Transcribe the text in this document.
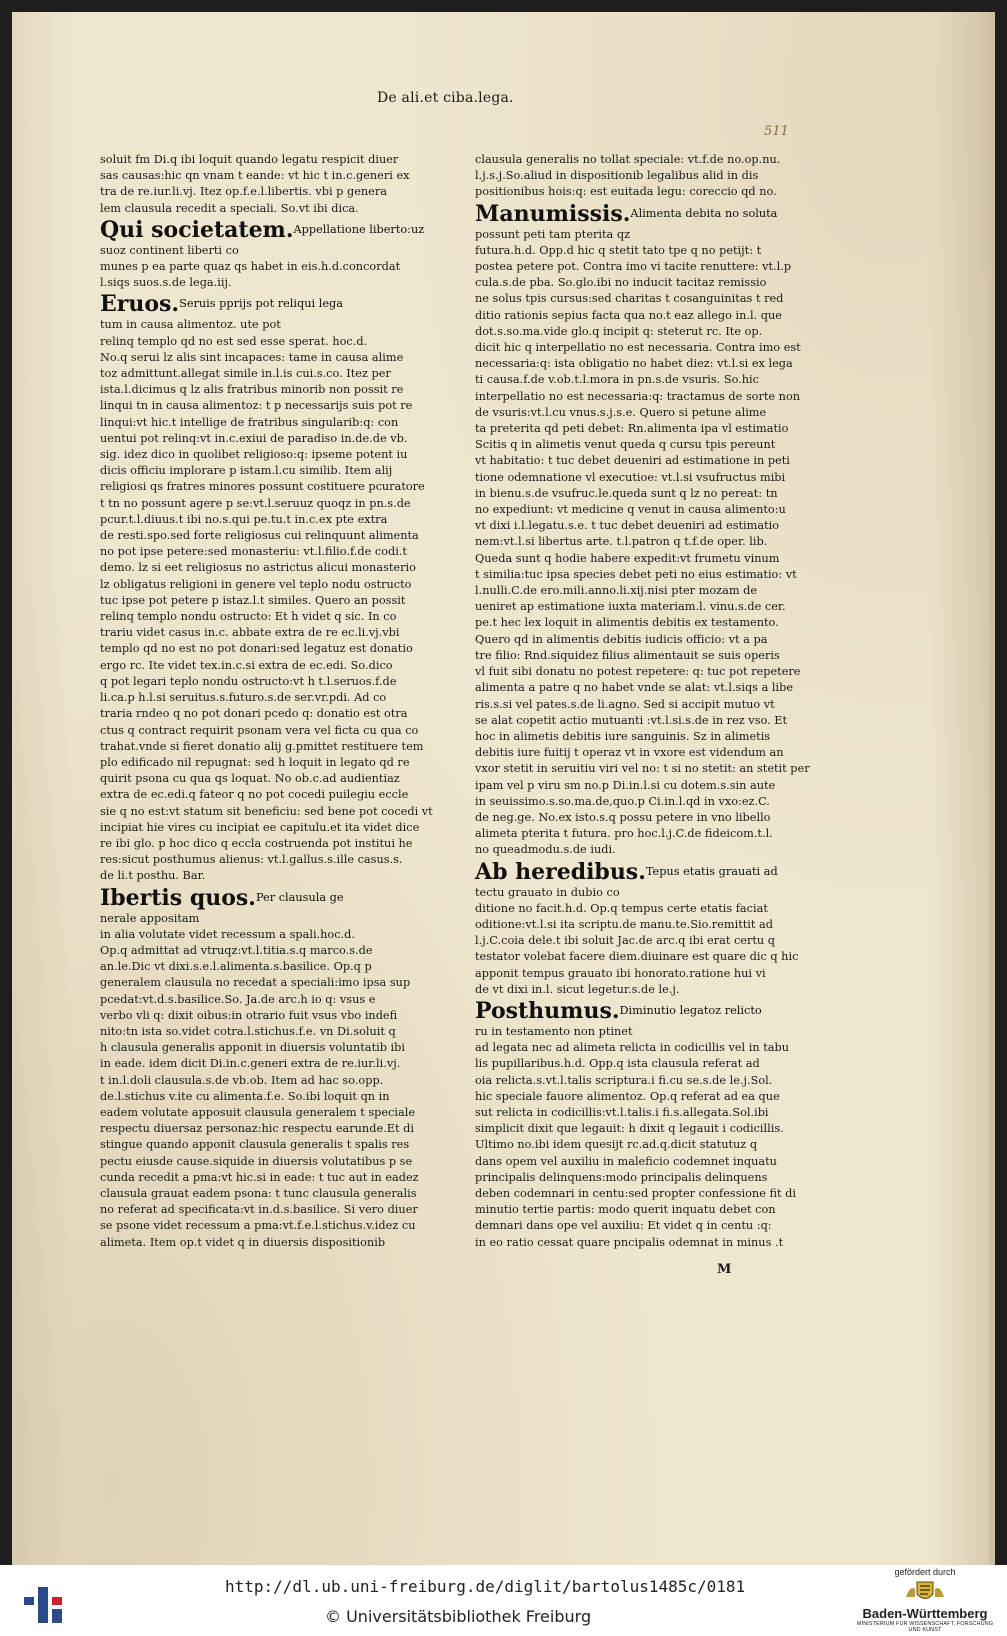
De ali.et ciba.lega.
511
soluit fm Di.q ibi loquit quando legatu respicit diuer
sas causas:hic qn vnam t eande: vt hic t in.c.generi ex
tra de re.iur.li.vj. Itez op.f.e.l.libertis. vbi p genera
lem clausula recedit a speciali. So.vt ibi dica.
Qui societatem.$^{Appellatione liberto:uz}$
suoz continent liberti co
munes p ea parte quaz qs habet in eis.h.d.concordat
l.siqs suos.s.de lega.iij.
Eruos.$^{Seruis pprijs pot reliqui lega}$
tum in causa alimentoz. ute pot
relinq templo qd no est sed esse sperat. hoc.d.
No.q serui lz alis sint incapaces: tame in causa alime
toz admittunt.allegat simile in.l.is cui.s.co. Itez per
ista.l.dicimus q lz alis fratribus minorib non possit re
linqui tn in causa alimentoz: t p necessarijs suis pot re
linqui:vt hic.t intellige de fratribus singularib:q: con
uentui pot relinq:vt in.c.exiui de paradiso in.de.de vb.
sig. idez dico in quolibet religioso:q: ipseme potent iu
dicis officiu implorare p istam.l.cu similib. Item alij
religiosi qs fratres minores possunt costituere pcuratore
t tn no possunt agere p se:vt.l.seruuz quoqz in pn.s.de
pcur.t.l.diuus.t ibi no.s.qui pe.tu.t in.c.ex pte extra
de resti.spo.sed forte religiosus cui relinquunt alimenta
no pot ipse petere:sed monasteriu: vt.l.filio.f.de codi.t
demo. lz si eet religiosus no astrictus alicui monasterio
lz obligatus religioni in genere vel teplo nodu ostructo
tuc ipse pot petere p istaz.l.t similes. Quero an possit
relinq templo nondu ostructo: Et h videt q sic. In co
trariu videt casus in.c. abbate extra de re ec.li.vj.vbi
templo qd no est no pot donari:sed legatuz est donatio
ergo rc. Ite videt tex.in.c.si extra de ec.edi. So.dico
q pot legari teplo nondu ostructo:vt h t.l.seruos.f.de
li.ca.p h.l.si seruitus.s.futuro.s.de ser.vr.pdi. Ad co
traria rndeo q no pot donari pcedo q: donatio est otra
ctus q contract requirit psonam vera vel ficta cu qua co
trahat.vnde si fieret donatio alij g.pmittet restituere tem
plo edificado nil repugnat: sed h loquit in legato qd re
quirit psona cu qua qs loquat. No ob.c.ad audientiaz
extra de ec.edi.q fateor q no pot cocedi puilegiu eccle
sie q no est:vt statum sit beneficiu: sed bene pot cocedi vt
incipiat hie vires cu incipiat ee capitulu.et ita videt dice
re ibi glo. p hoc dico q eccla costruenda pot institui he
res:sicut posthumus alienus: vt.l.gallus.s.ille casus.s.
de li.t posthu. Bar.
Ibertis quos.$^{Per clausula ge}$
nerale appositam
in alia volutate videt recessum a spali.hoc.d.
Op.q admittat ad vtruqz:vt.l.titia.s.q marco.s.de
an.le.Dic vt dixi.s.e.l.alimenta.s.basilice. Op.q p
generalem clausula no recedat a speciali:imo ipsa sup
pcedat:vt.d.s.basilice.So. Ja.de arc.h io q: vsus e
verbo vli q: dixit oibus:in otrario fuit vsus vbo indefi
nito:tn ista so.videt cotra.l.stichus.f.e. vn Di.soluit q
h clausula generalis apponit in diuersis voluntatib ibi
in eade. idem dicit Di.in.c.generi extra de re.iur.li.vj.
t in.l.doli clausula.s.de vb.ob. Item ad hac so.opp.
de.l.stichus v.ite cu alimenta.f.e. So.ibi loquit qn in
eadem volutate apposuit clausula generalem t speciale
respectu diuersaz personaz:hic respectu earunde.Et di
stingue quando apponit clausula generalis t spalis res
pectu eiusde cause.siquide in diuersis volutatibus p se
cunda recedit a pma:vt hic.si in eade: t tuc aut in eadez
clausula grauat eadem psona: t tunc clausula generalis
no referat ad specificata:vt in.d.s.basilice. Si vero diuer
se psone videt recessum a pma:vt.f.e.l.stichus.v.idez cu
alimeta. Item op.t videt q in diuersis dispositionib
clausula generalis no tollat speciale: vt.f.de no.op.nu.
l.j.s.j.So.aliud in dispositionib legalibus alid in dis
positionibus hois:q: est euitada legu: coreccio qd no.
Manumissis.$^{Alimenta debita no soluta}$
possunt peti tam pterita qz
futura.h.d. Opp.d hic q stetit tato tpe q no petijt: t
postea petere pot. Contra imo vi tacite renuttere: vt.l.p
cula.s.de pba. So.glo.ibi no inducit tacitaz remissio
ne solus tpis cursus:sed charitas t cosanguinitas t red
ditio rationis sepius facta qua no.t eaz allego in.l. que
dot.s.so.ma.vide glo.q incipit q: steterut rc. Ite op.
dicit hic q interpellatio no est necessaria. Contra imo est
necessaria:q: ista obligatio no habet diez: vt.l.si ex lega
ti causa.f.de v.ob.t.l.mora in pn.s.de vsuris. So.hic
interpellatio no est necessaria:q: tractamus de sorte non
de vsuris:vt.l.cu vnus.s.j.s.e. Quero si petune alime
ta preterita qd peti debet: Rn.alimenta ipa vl estimatio
Scitis q in alimetis venut queda q cursu tpis pereunt
vt habitatio: t tuc debet deueniri ad estimatione in peti
tione odemnatione vl executioe: vt.l.si vsufructus mibi
in bienu.s.de vsufruc.le.queda sunt q lz no pereat: tn
no expediunt: vt medicine q venut in causa alimento:u
vt dixi i.l.legatu.s.e. t tuc debet deueniri ad estimatio
nem:vt.l.si libertus arte. t.l.patron q t.f.de oper. lib.
Queda sunt q hodie habere expedit:vt frumetu vinum
t similia:tuc ipsa species debet peti no eius estimatio: vt
l.nulli.C.de ero.mili.anno.li.xij.nisi pter mozam de
ueniret ap estimatione iuxta materiam.l. vinu.s.de cer.
pe.t hec lex loquit in alimentis debitis ex testamento.
Quero qd in alimentis debitis iudicis officio: vt a pa
tre filio: Rnd.siquidez filius alimentauit se suis operis
vl fuit sibi donatu no potest repetere: q: tuc pot repetere
alimenta a patre q no habet vnde se alat: vt.l.siqs a libe
ris.s.si vel pates.s.de li.agno. Sed si accipit mutuo vt
se alat copetit actio mutuanti :vt.l.si.s.de in rez vso. Et
hoc in alimetis debitis iure sanguinis. Sz in alimetis
debitis iure fuitij t operaz vt in vxore est videndum an
vxor stetit in seruitiu viri vel no: t si no stetit: an stetit per
ipam vel p viru sm no.p Di.in.l.si cu dotem.s.sin aute
in seuissimo.s.so.ma.de,quo.p Ci.in.l.qd in vxo:ez.C.
de neg.ge. No.ex isto.s.q possu petere in vno libello
alimeta pterita t futura. pro hoc.l.j.C.de fideicom.t.l.
no queadmodu.s.de iudi.
Ab heredibus.$^{Tepus etatis grauati ad}$
tectu grauato in dubio co
ditione no facit.h.d. Op.q tempus certe etatis faciat
oditione:vt.l.si ita scriptu.de manu.te.Sio.remittit ad
l.j.C.coia dele.t ibi soluit Jac.de arc.q ibi erat certu q
testator volebat facere diem.diuinare est quare dic q hic
apponit tempus grauato ibi honorato.ratione hui vi
de vt dixi in.l. sicut legetur.s.de le.j.
Posthumus.$^{Diminutio legatoz relicto}$
ru in testamento non ptinet
ad legata nec ad alimeta relicta in codicillis vel in tabu
lis pupillaribus.h.d. Opp.q ista clausula referat ad
oia relicta.s.vt.l.talis scriptura.i fi.cu se.s.de le.j.Sol.
hic speciale fauore alimentoz. Op.q referat ad ea que
sut relicta in codicillis:vt.l.talis.i fi.s.allegata.Sol.ibi
simplicit dixit que legauit: h dixit q legauit i codicillis.
Ultimo no.ibi idem quesijt rc.ad.q.dicit statutuz q
dans opem vel auxiliu in maleficio codemnet inquatu
principalis delinquens:modo principalis delinquens
deben codemnari in centu:sed propter confessione fit di
minutio tertie partis: modo querit inquatu debet con
demnari dans ope vel auxiliu: Et videt q in centu :q:
in eo ratio cessat quare pncipalis odemnat in minus .t
M
http://dl.ub.uni-freiburg.de/diglit/bartolus1485c/0181
© Universitätsbibliothek Freiburg
gefördert durch
Baden-Württemberg
MINISTERIUM FÜR WISSENSCHAFT, FORSCHUNG UND KUNST
